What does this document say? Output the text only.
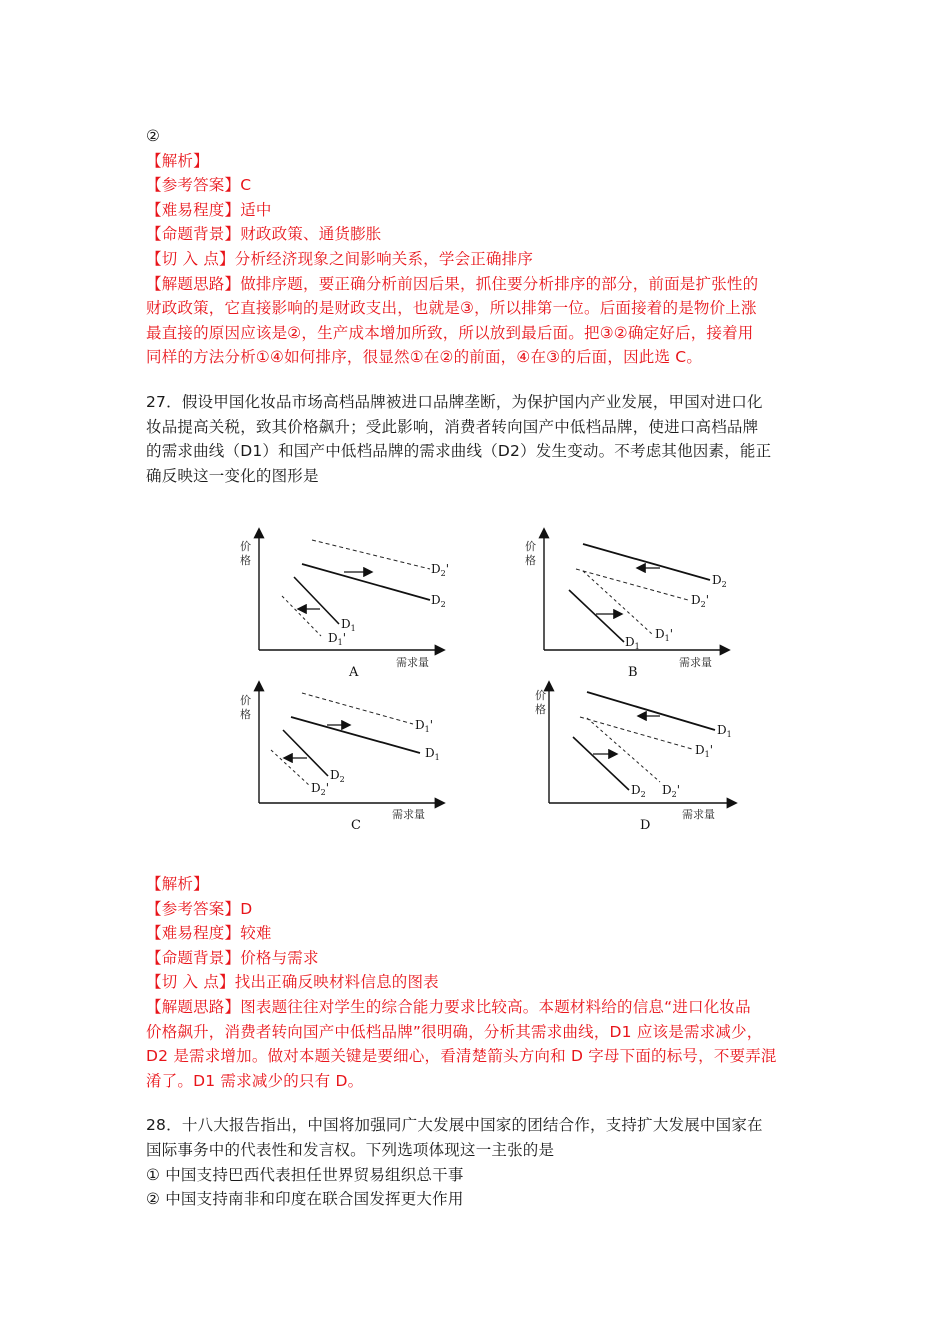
②
【解析】
【参考答案】C
【难易程度】适中
【命题背景】财政政策、通货膨胀
【切 入 点】分析经济现象之间影响关系，学会正确排序
【解题思路】做排序题，要正确分析前因后果，抓住要分析排序的部分，前面是扩张性的
财政政策，它直接影响的是财政支出，也就是③，所以排第一位。后面接着的是物价上涨
最直接的原因应该是②，生产成本增加所致，所以放到最后面。把③②确定好后，接着用
同样的方法分析①④如何排序，很显然①在②的前面，④在③的后面，因此选 C。
27．假设甲国化妆品市场高档品牌被进口品牌垄断，为保护国内产业发展，甲国对进口化
妆品提高关税，致其价格飙升；受此影响，消费者转向国产中低档品牌，使进口高档品牌
的需求曲线（D1）和国产中低档品牌的需求曲线（D2）发生变动。不考虑其他因素，能正
确反映这一变化的图形是
价
格
需求量
$D_2'$
$D_2$
$D_1$
$D_1'$
A
价
格
需求量
$D_2$
$D_2'$
$D_1'$
$D_1$
B
价
格
需求量
$D_1'$
$D_1$
$D_2$
$D_2'$
C
价
格
需求量
$D_1$
$D_1'$
$D_2$ $D_2'$
D
【解析】
【参考答案】D
【难易程度】较难
【命题背景】价格与需求
【切 入 点】找出正确反映材料信息的图表
【解题思路】图表题往往对学生的综合能力要求比较高。本题材料给的信息“进口化妆品
价格飙升，消费者转向国产中低档品牌”很明确，分析其需求曲线，D1 应该是需求减少，
D2 是需求增加。做对本题关键是要细心，看清楚箭头方向和 D 字母下面的标号，不要弄混
淆了。D1 需求减少的只有 D。
28．十八大报告指出，中国将加强同广大发展中国家的团结合作，支持扩大发展中国家在
国际事务中的代表性和发言权。下列选项体现这一主张的是
① 中国支持巴西代表担任世界贸易组织总干事
② 中国支持南非和印度在联合国发挥更大作用
